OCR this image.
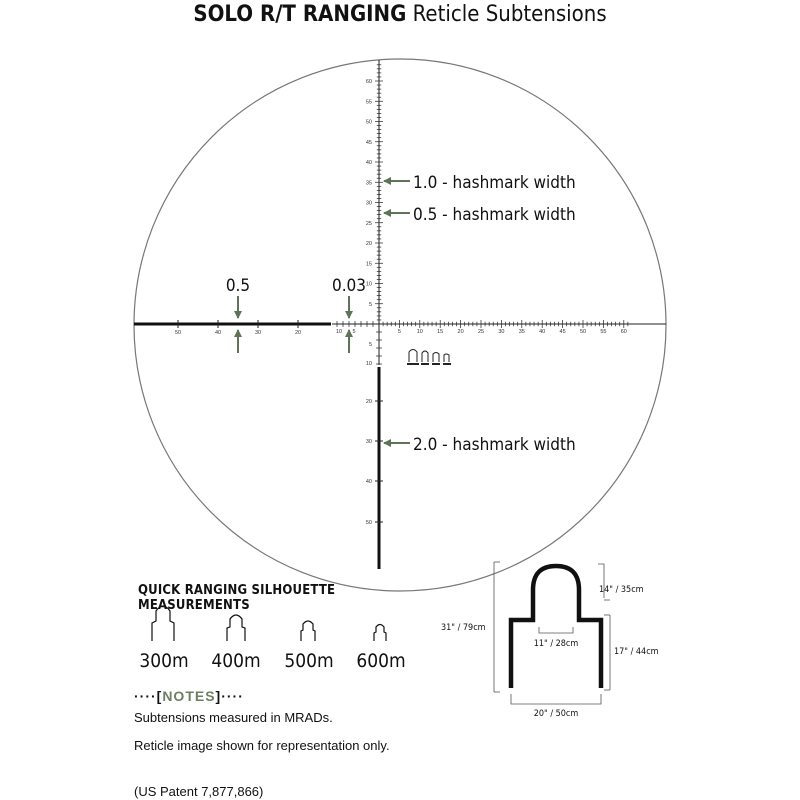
SOLO R/T RANGING Reticle Subtensions
60
55
50
45
40
35
30
25
20
15
10
5
5	10	15	20	25	30	35	40	45	50	55	60
5
10
20
30
40
50
10 5
50	40	30	20
1.0 - hashmark width
0.5 - hashmark width
2.0 - hashmark width
0.5	0.03
300m 400m 500m 600m
31" / 79cm
14" / 35cm
17" / 44cm
11" / 28cm
20" / 50cm
QUICK RANGING SILHOUETTE MEASUREMENTS
····[NOTES]····
Subtensions measured in MRADs.
Reticle image shown for representation only.
(US Patent 7,877,866)
